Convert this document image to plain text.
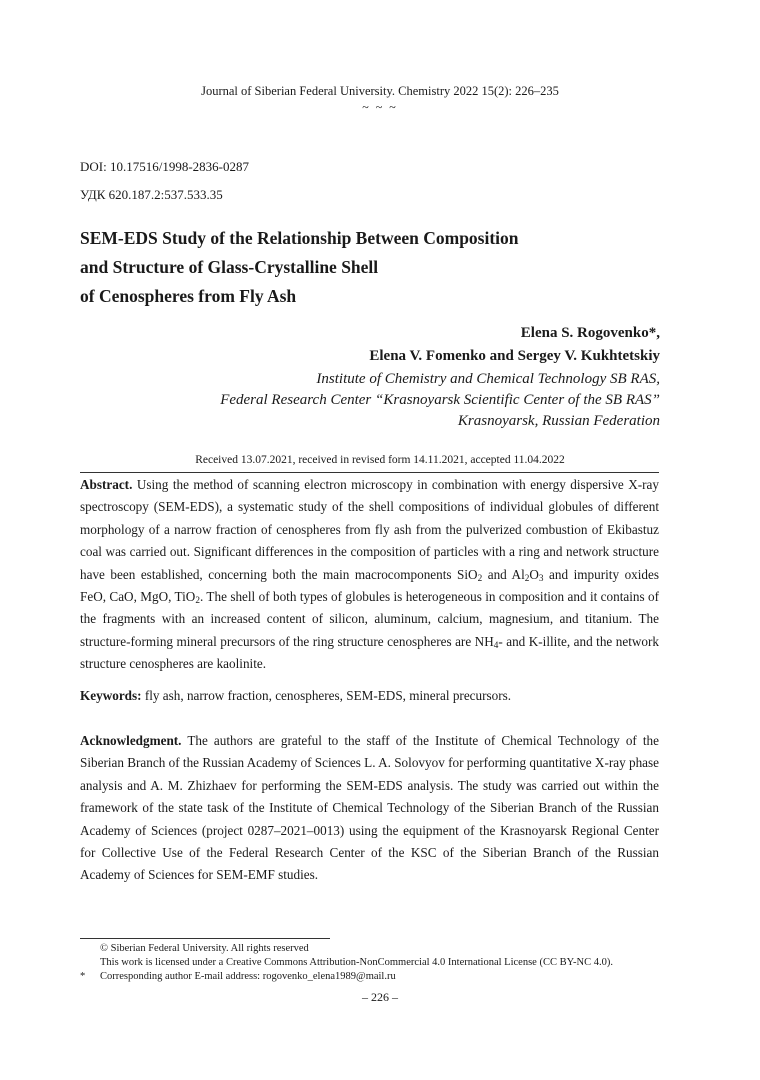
Journal of Siberian Federal University. Chemistry 2022 15(2): 226–235
~ ~ ~
DOI: 10.17516/1998-2836-0287
УДК 620.187.2:537.533.35
SEM-EDS Study of the Relationship Between Composition
and Structure of Glass-Crystalline Shell
of Cenospheres from Fly Ash
Elena S. Rogovenko*,
Elena V. Fomenko and Sergey V. Kukhtetskiy
Institute of Chemistry and Chemical Technology SB RAS,
Federal Research Center “Krasnoyarsk Scientific Center of the SB RAS”
Krasnoyarsk, Russian Federation
Received 13.07.2021, received in revised form 14.11.2021, accepted 11.04.2022
Abstract. Using the method of scanning electron microscopy in combination with energy dispersive X-ray spectroscopy (SEM-EDS), a systematic study of the shell compositions of individual globules of different morphology of a narrow fraction of cenospheres from fly ash from the pulverized combustion of Ekibastuz coal was carried out. Significant differences in the composition of particles with a ring and network structure have been established, concerning both the main macrocomponents SiO$_2$ and $Al_2O_3$ and impurity oxides FeO, CaO, MgO, TiO$_2$. The shell of both types of globules is heterogeneous in composition and it contains of the fragments with an increased content of silicon, aluminum, calcium, magnesium, and titanium. The structure-forming mineral precursors of the ring structure cenospheres are $NH_4-$ and K-illite, and the network structure cenospheres are kaolinite.
Keywords: fly ash, narrow fraction, cenospheres, SEM-EDS, mineral precursors.
Acknowledgment. The authors are grateful to the staff of the Institute of Chemical Technology of the Siberian Branch of the Russian Academy of Sciences L. A. Solovyov for performing quantitative X-ray phase analysis and A. M. Zhizhaev for performing the SEM-EDS analysis. The study was carried out within the framework of the state task of the Institute of Chemical Technology of the Siberian Branch of the Russian Academy of Sciences (project 0287–2021–0013) using the equipment of the Krasnoyarsk Regional Center for Collective Use of the Federal Research Center of the KSC of the Siberian Branch of the Russian Academy of Sciences for SEM-EMF studies.
© Siberian Federal University. All rights reserved
This work is licensed under a Creative Commons Attribution-NonCommercial 4.0 International License (CC BY-NC 4.0).
* Corresponding author E-mail address: rogovenko_elena1989@mail.ru
– 226 –
